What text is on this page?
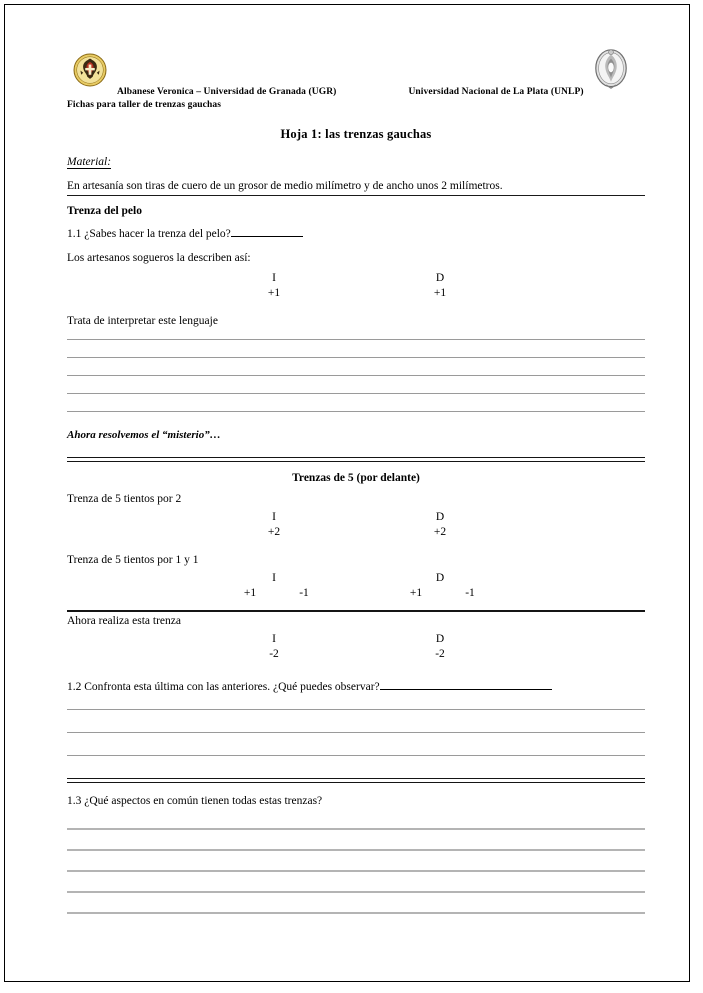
Albanese Veronica – Universidad de Granada (UGR)	Universidad Nacional de La Plata (UNLP)
Fichas para taller de trenzas gauchas
Hoja 1: las trenzas gauchas
Material:
En artesanía son tiras de cuero de un grosor de medio milímetro y de ancho unos 2 milímetros.
Trenza del pelo
1.1 ¿Sabes hacer la trenza del pelo?
Los artesanos sogueros la describen así:
I	D
+1	+1
Trata de interpretar este lenguaje
Ahora resolvemos el “misterio”…
Trenzas de 5 (por delante)
Trenza de 5 tientos por 2
I	D
+2	+2
Trenza de 5 tientos por 1 y 1
I	D
+1	-1	+1	-1
Ahora realiza esta trenza
I	D
-2	-2
1.2 Confronta esta última con las anteriores. ¿Qué puedes observar?
1.3 ¿Qué aspectos en común tienen todas estas trenzas?
